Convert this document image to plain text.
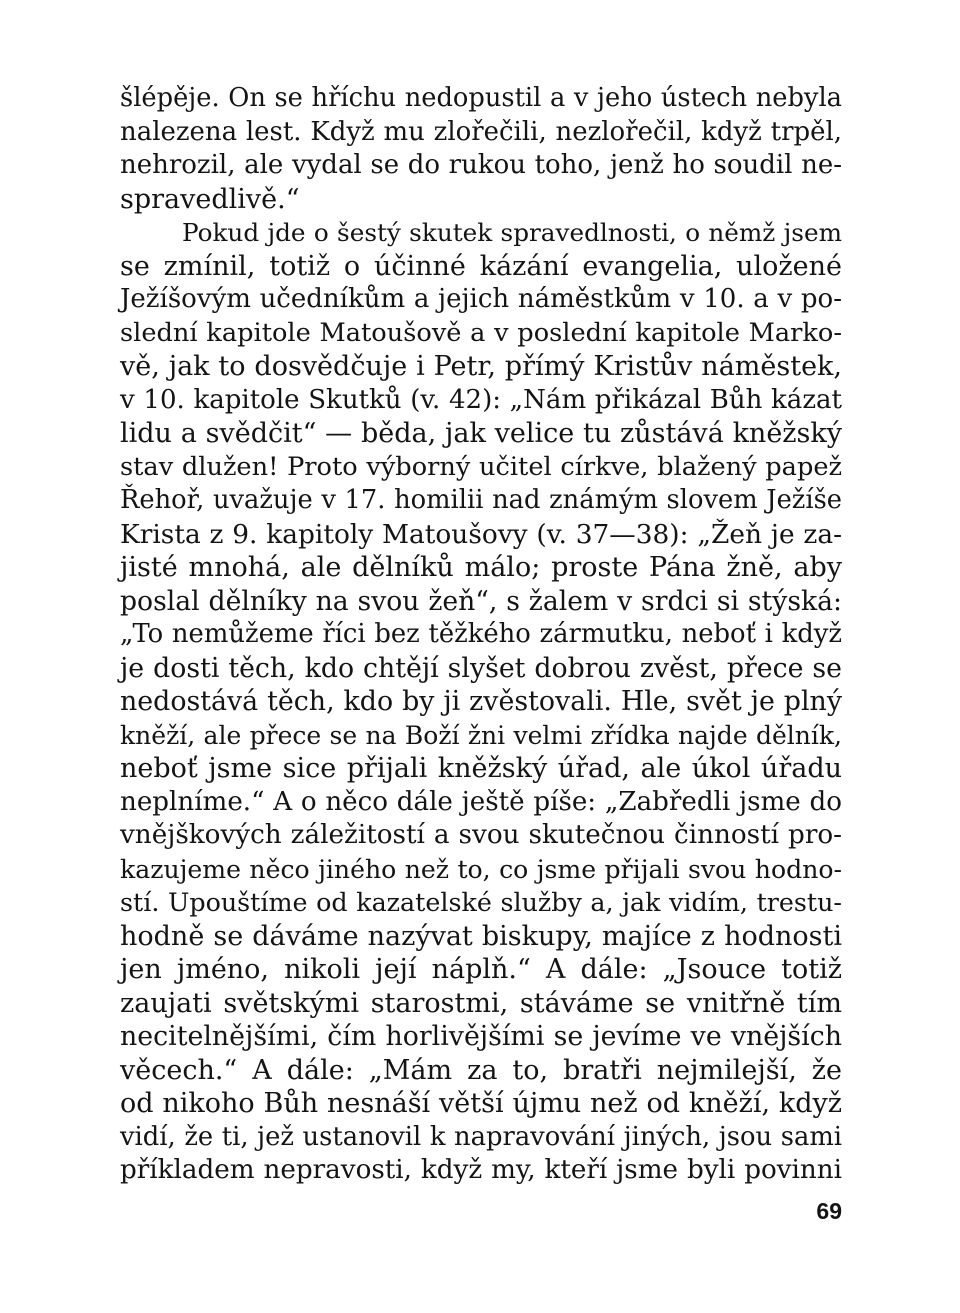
šlépěje. On se hříchu nedopustil a v jeho ústech nebyla
nalezena lest. Když mu zlořečili, nezlořečil, když trpěl,
nehrozil, ale vydal se do rukou toho, jenž ho soudil ne-
spravedlivě.“
Pokud jde o šestý skutek spravedlnosti, o němž jsem
se zmínil, totiž o účinné kázání evangelia, uložené
Ježíšovým učedníkům a jejich náměstkům v 10. a v po-
slední kapitole Matoušově a v poslední kapitole Marko-
vě, jak to dosvědčuje i Petr, přímý Kristův náměstek,
v 10. kapitole Skutků (v. 42): „Nám přikázal Bůh kázat
lidu a svědčit“ — běda, jak velice tu zůstává kněžský
stav dlužen! Proto výborný učitel církve, blažený papež
Řehoř, uvažuje v 17. homilii nad známým slovem Ježíše
Krista z 9. kapitoly Matoušovy (v. 37—38): „Žeň je za-
jisté mnohá, ale dělníků málo; proste Pána žně, aby
poslal dělníky na svou žeň“, s žalem v srdci si stýská:
„To nemůžeme říci bez těžkého zármutku, neboť i když
je dosti těch, kdo chtějí slyšet dobrou zvěst, přece se
nedostává těch, kdo by ji zvěstovali. Hle, svět je plný
kněží, ale přece se na Boží žni velmi zřídka najde dělník,
neboť jsme sice přijali kněžský úřad, ale úkol úřadu
neplníme.“ A o něco dále ještě píše: „Zabředli jsme do
vnějškových záležitostí a svou skutečnou činností pro-
kazujeme něco jiného než to, co jsme přijali svou hodno-
stí. Upouštíme od kazatelské služby a, jak vidím, trestu-
hodně se dáváme nazývat biskupy, majíce z hodnosti
jen jméno, nikoli její náplň.“ A dále: „Jsouce totiž
zaujati světskými starostmi, stáváme se vnitřně tím
necitelnějšími, čím horlivějšími se jevíme ve vnějších
věcech.“ A dále: „Mám za to, bratři nejmilejší, že
od nikoho Bůh nesnáší větší újmu než od kněží, když
vidí, že ti, jež ustanovil k napravování jiných, jsou sami
příkladem nepravosti, když my, kteří jsme byli povinni
69
